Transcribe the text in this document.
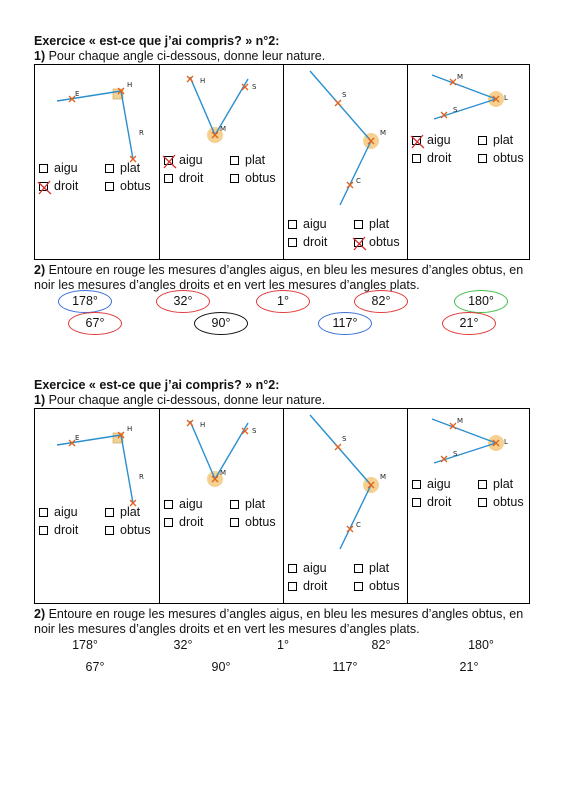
Exercice « est-ce que j’ai compris? » n°2:
1) Pour chaque angle ci-dessous, donne leur nature.
E
H
R
aigu	plat
droit	obtus
H
M
S
aigu	plat
droit	obtus
S
M
C
aigu	plat
droit	obtus
M
L
S
aigu	plat
droit	obtus
2) Entoure en rouge les mesures d’angles aigus, en bleu les mesures d’angles obtus, en noir les mesures d’angles droits et en vert les mesures d’angles plats.
178°	32°	1°	82°	180°
67°	90°	117°	21°
Exercice « est-ce que j’ai compris? » n°2:
1) Pour chaque angle ci-dessous, donne leur nature.
E
H
R
aigu	plat
droit	obtus
H
M
S
aigu	plat
droit	obtus
S
M
C
aigu	plat
droit	obtus
M
L
S
aigu	plat
droit	obtus
2) Entoure en rouge les mesures d’angles aigus, en bleu les mesures d’angles obtus, en noir les mesures d’angles droits et en vert les mesures d’angles plats.
178°	32°	1°	82°	180°
67°	90°	117°	21°
